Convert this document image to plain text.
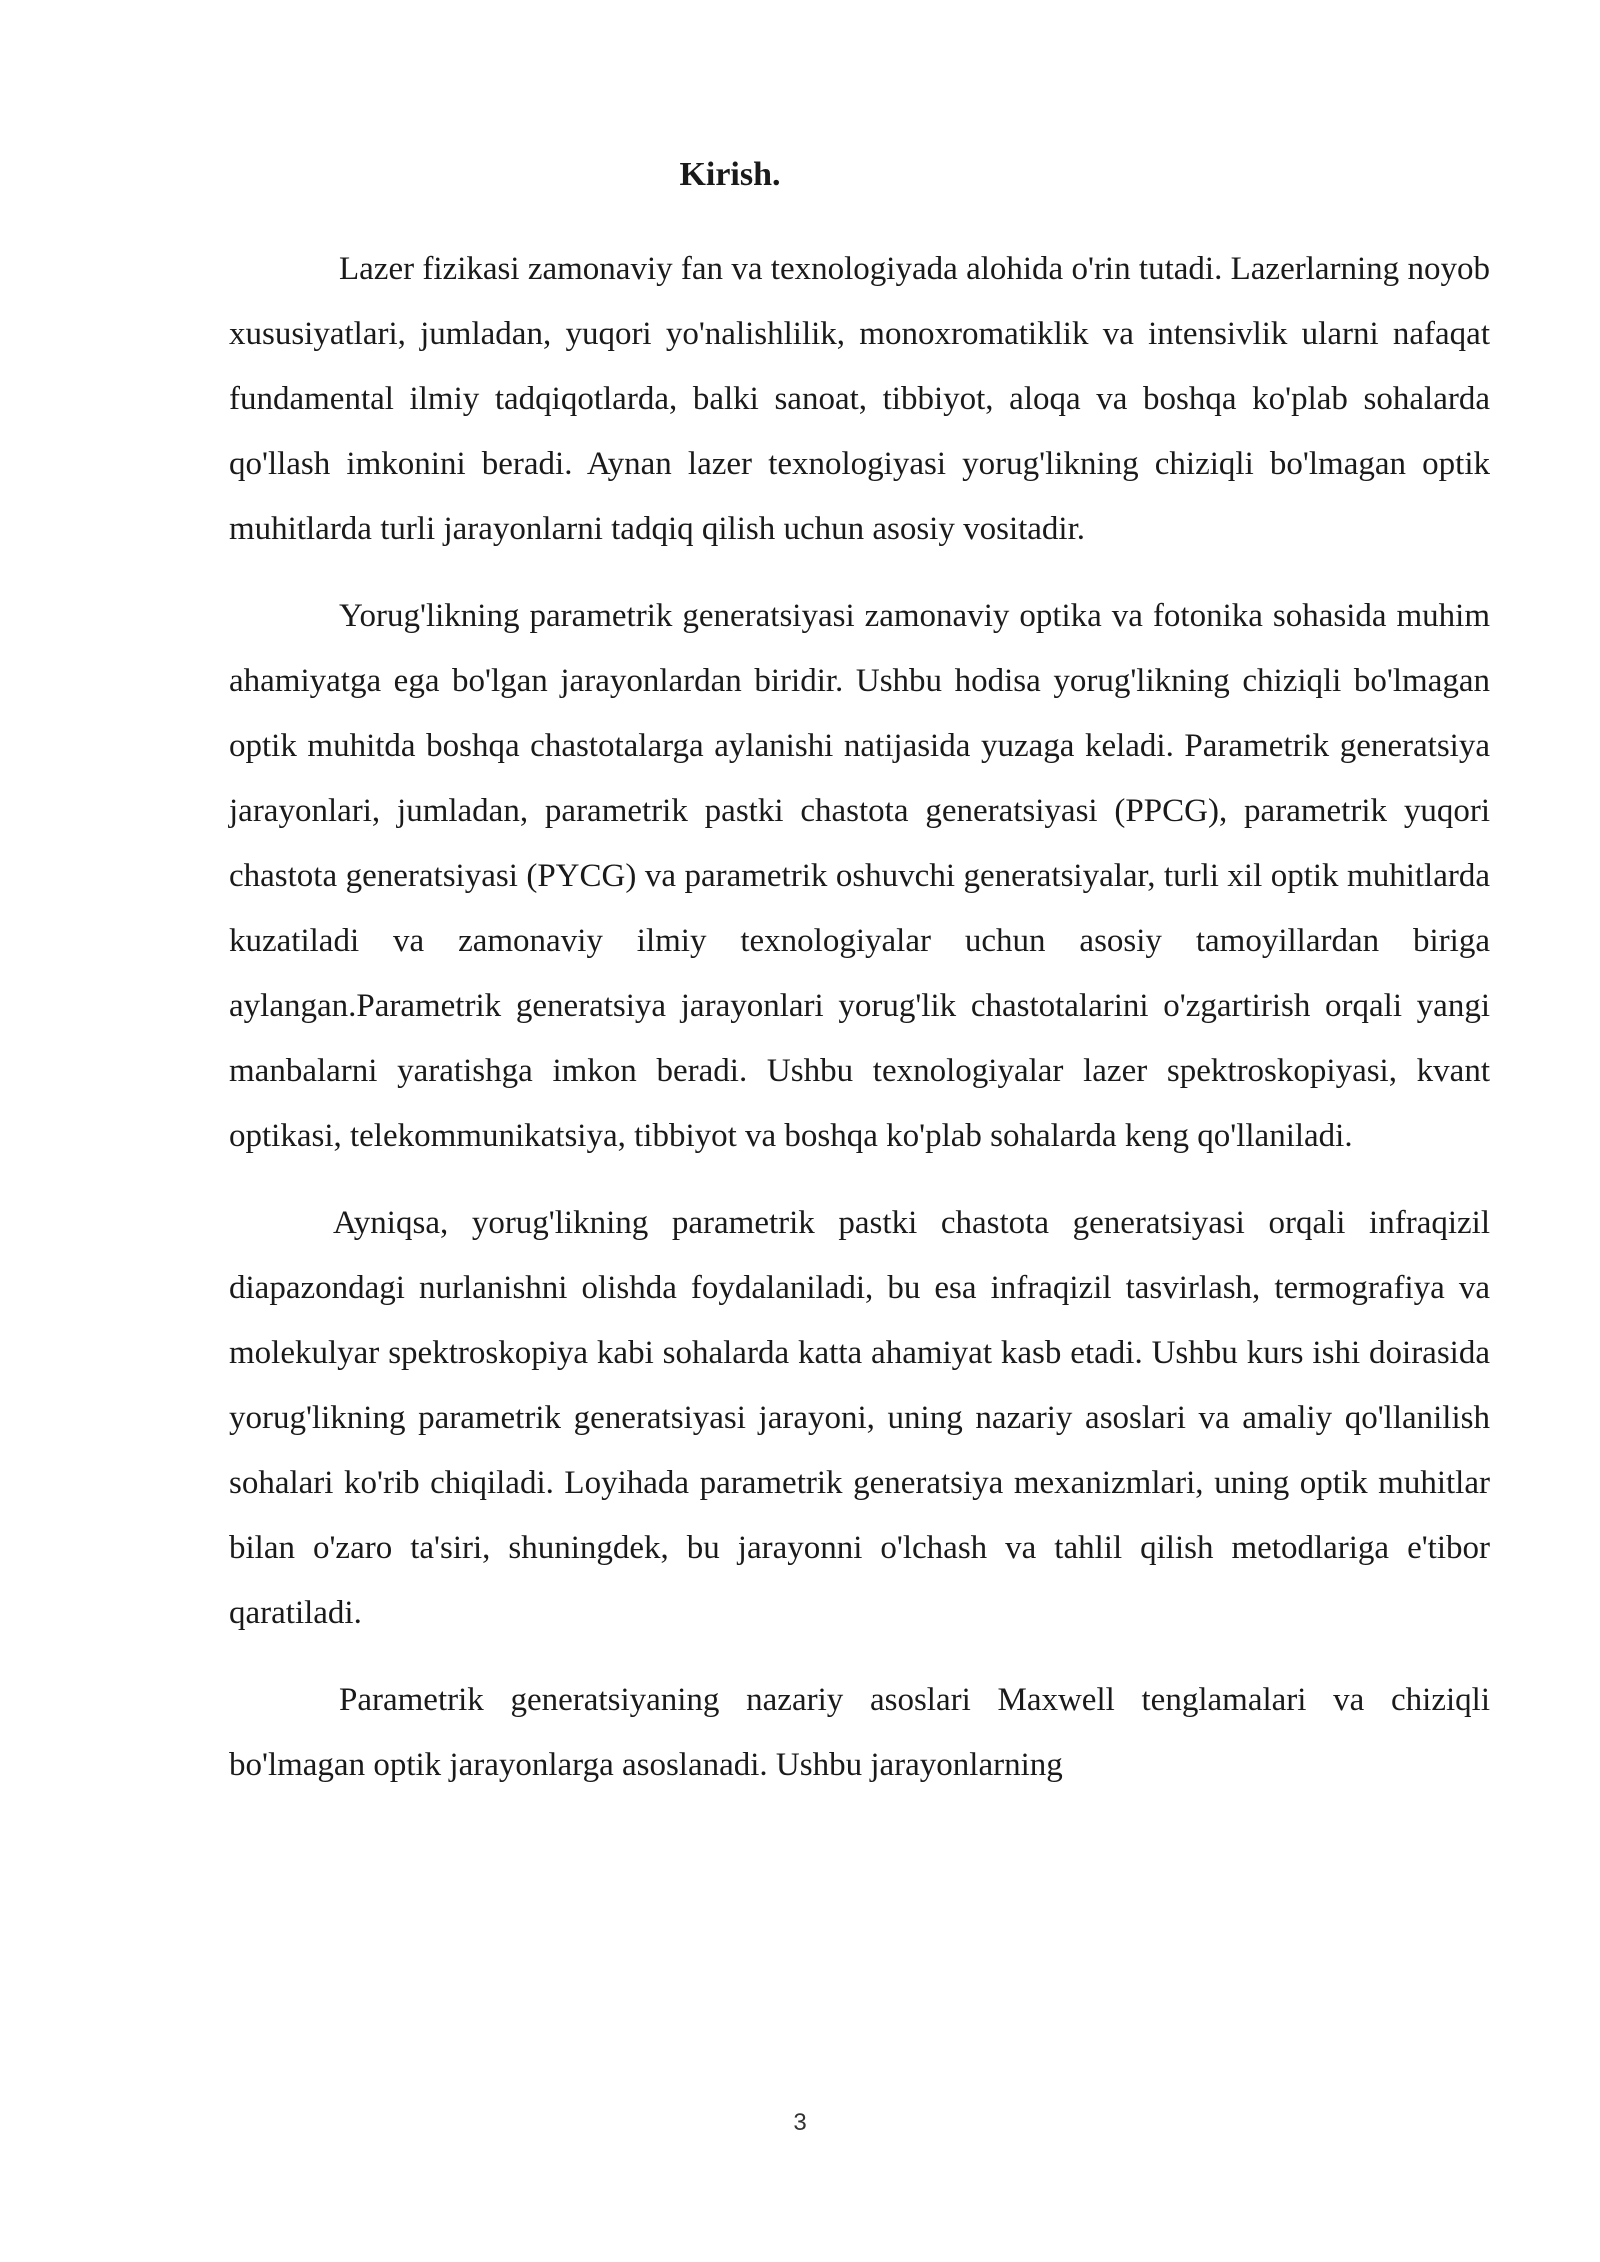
Kirish.

Lazer fizikasi zamonaviy fan va texnologiyada alohida o'rin tutadi. Lazerlarning noyob xususiyatlari, jumladan, yuqori yo'nalishlilik, monoxromatiklik va intensivlik ularni nafaqat fundamental ilmiy tadqiqotlarda, balki sanoat, tibbiyot, aloqa va boshqa ko'plab sohalarda qo'llash imkonini beradi. Aynan lazer texnologiyasi yorug'likning chiziqli bo'lmagan optik muhitlarda turli jarayonlarni tadqiq qilish uchun asosiy vositadir.

Yorug'likning parametrik generatsiyasi zamonaviy optika va fotonika sohasida muhim ahamiyatga ega bo'lgan jarayonlardan biridir. Ushbu hodisa yorug'likning chiziqli bo'lmagan optik muhitda boshqa chastotalarga aylanishi natijasida yuzaga keladi. Parametrik generatsiya jarayonlari, jumladan, parametrik pastki chastota generatsiyasi (PPCG), parametrik yuqori chastota generatsiyasi (PYCG) va parametrik oshuvchi generatsiyalar, turli xil optik muhitlarda kuzatiladi va zamonaviy ilmiy texnologiyalar uchun asosiy tamoyillardan biriga aylangan.Parametrik generatsiya jarayonlari yorug'lik chastotalarini o'zgartirish orqali yangi manbalarni yaratishga imkon beradi. Ushbu texnologiyalar lazer spektroskopiyasi, kvant optikasi, telekommunikatsiya, tibbiyot va boshqa ko'plab sohalarda keng qo'llaniladi.

Ayniqsa, yorug'likning parametrik pastki chastota generatsiyasi orqali infraqizil diapazondagi nurlanishni olishda foydalaniladi, bu esa infraqizil tasvirlash, termografiya va molekulyar spektroskopiya kabi sohalarda katta ahamiyat kasb etadi. Ushbu kurs ishi doirasida yorug'likning parametrik generatsiyasi jarayoni, uning nazariy asoslari va amaliy qo'llanilish sohalari ko'rib chiqiladi. Loyihada parametrik generatsiya mexanizmlari, uning optik muhitlar bilan o'zaro ta'siri, shuningdek, bu jarayonni o'lchash va tahlil qilish metodlariga e'tibor qaratiladi.

Parametrik generatsiyaning nazariy asoslari Maxwell tenglamalari va chiziqli bo'lmagan optik jarayonlarga asoslanadi. Ushbu jarayonlarning

3
